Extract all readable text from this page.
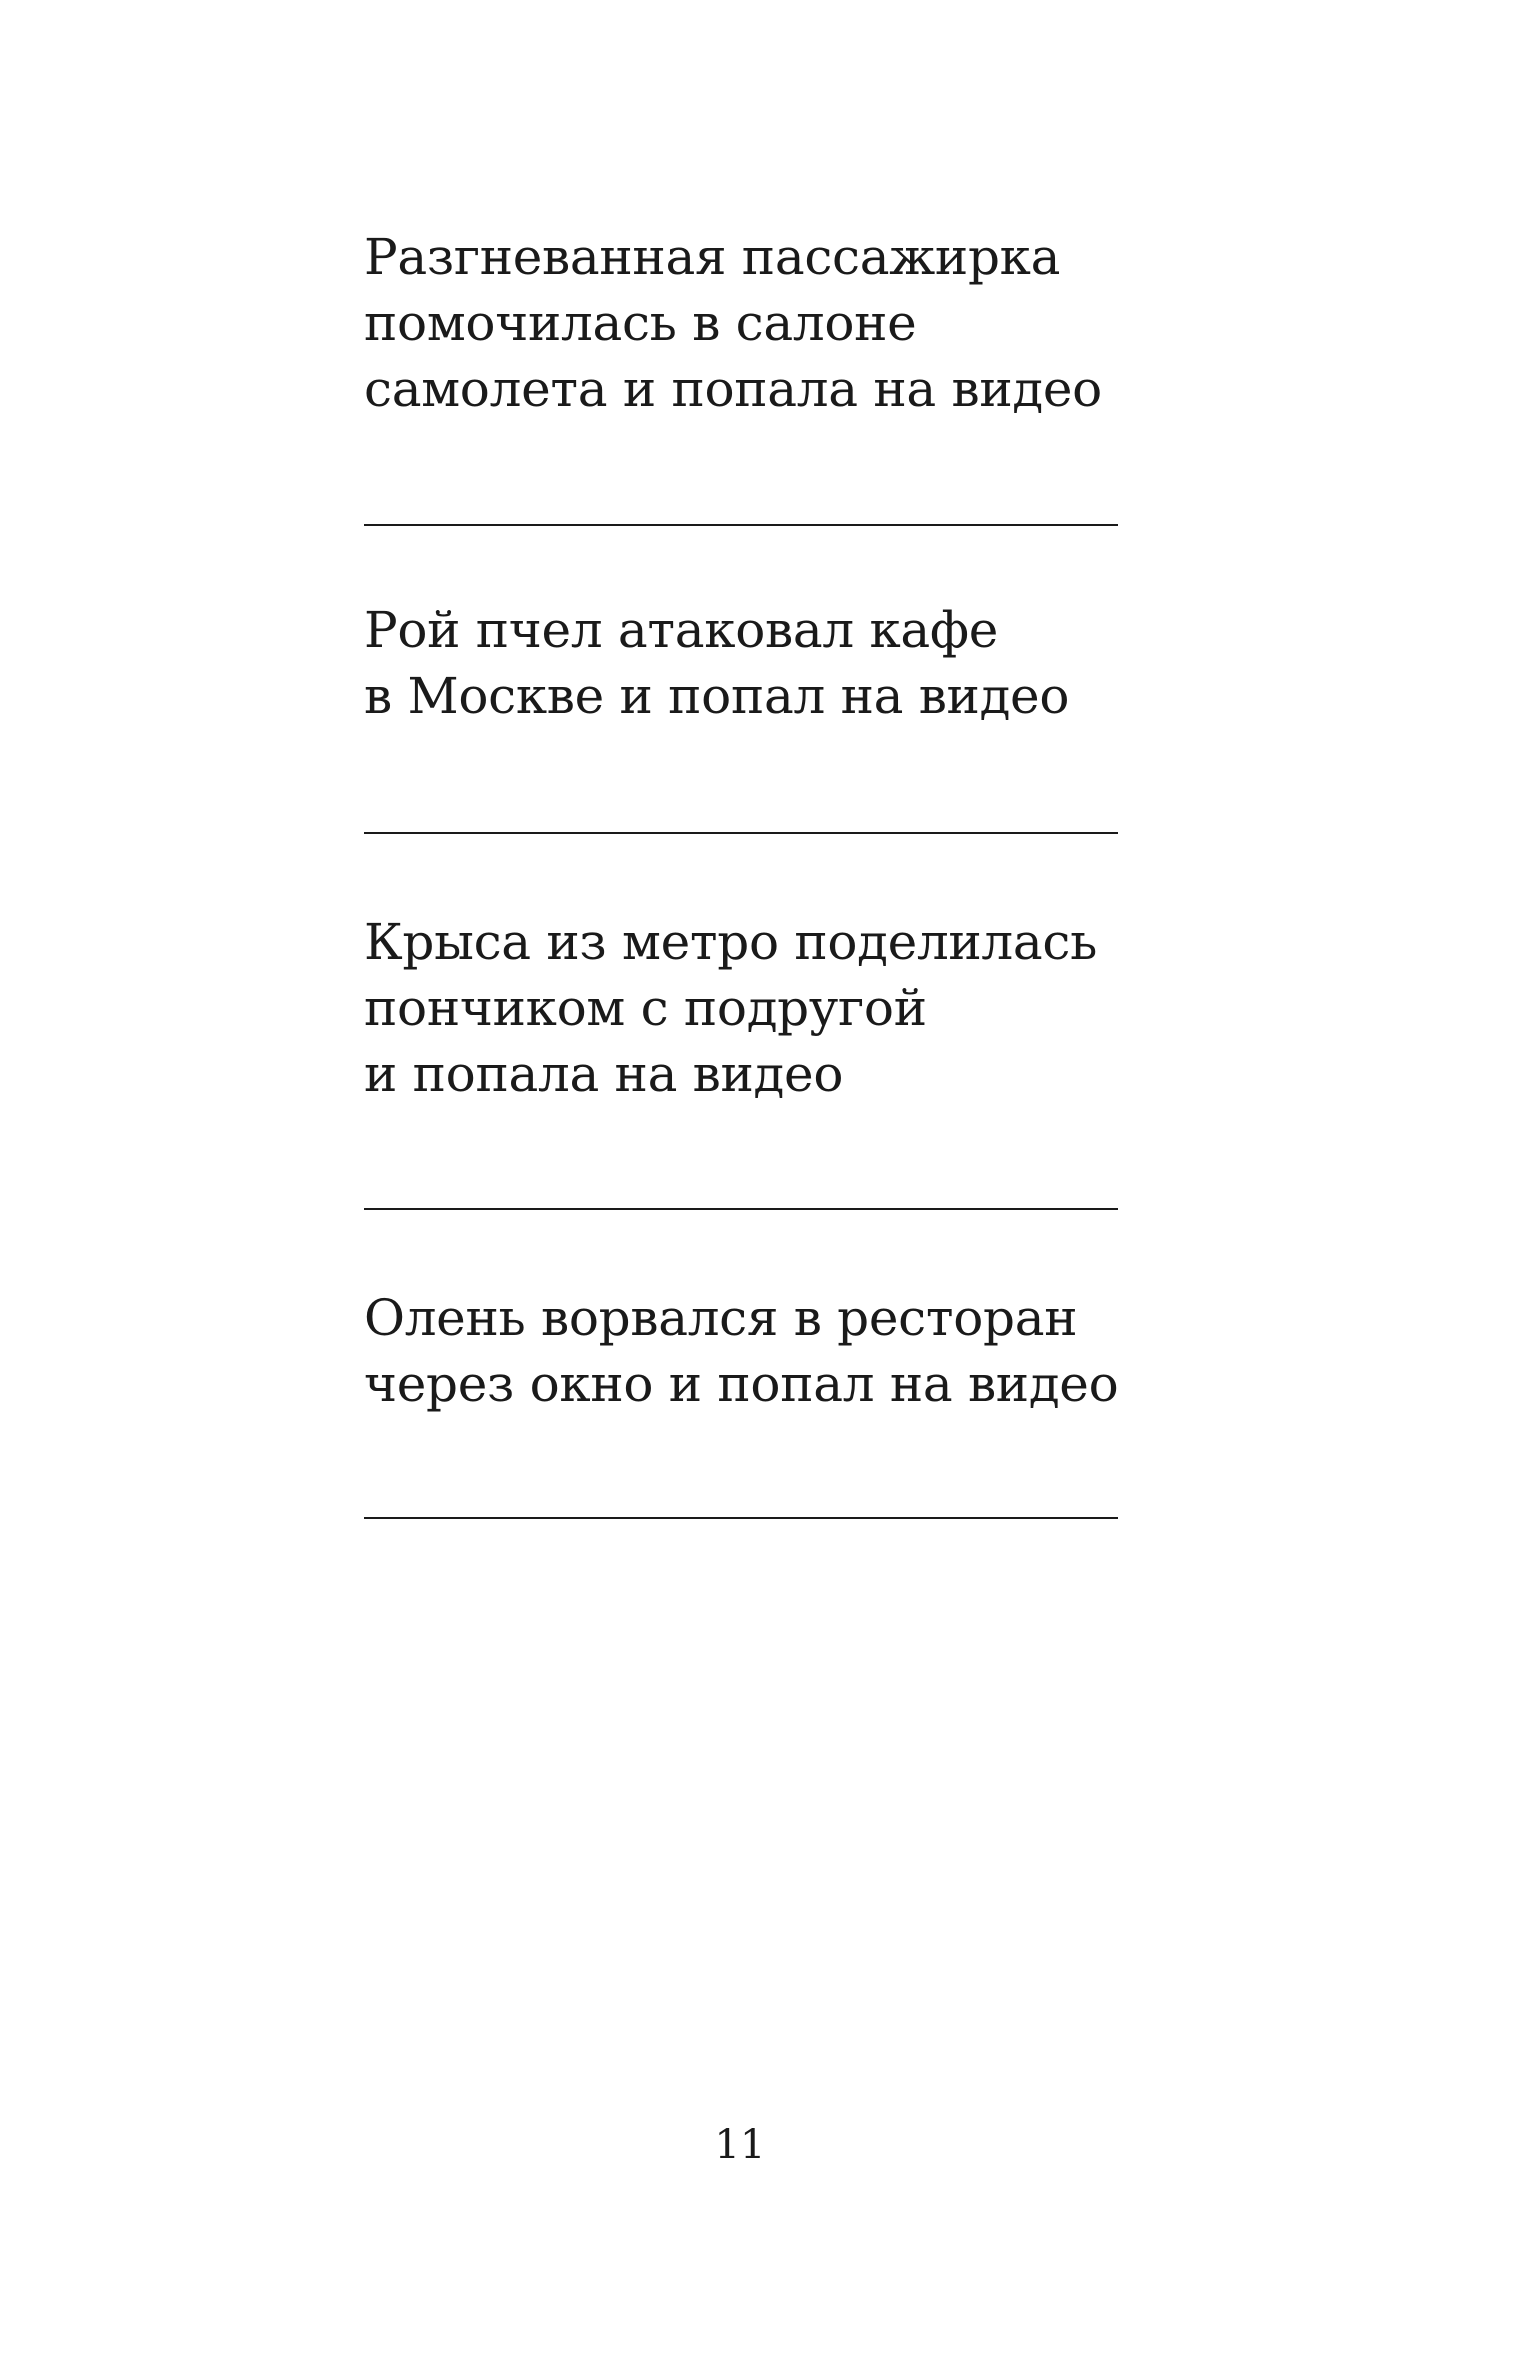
Разгневанная пассажирка
помочилась в салоне
самолета и попала на видео
Рой пчел атаковал кафе
в Москве и попал на видео
Крыса из метро поделилась
пончиком с подругой
и попала на видео
Олень ворвался в ресторан
через окно и попал на видео
11
